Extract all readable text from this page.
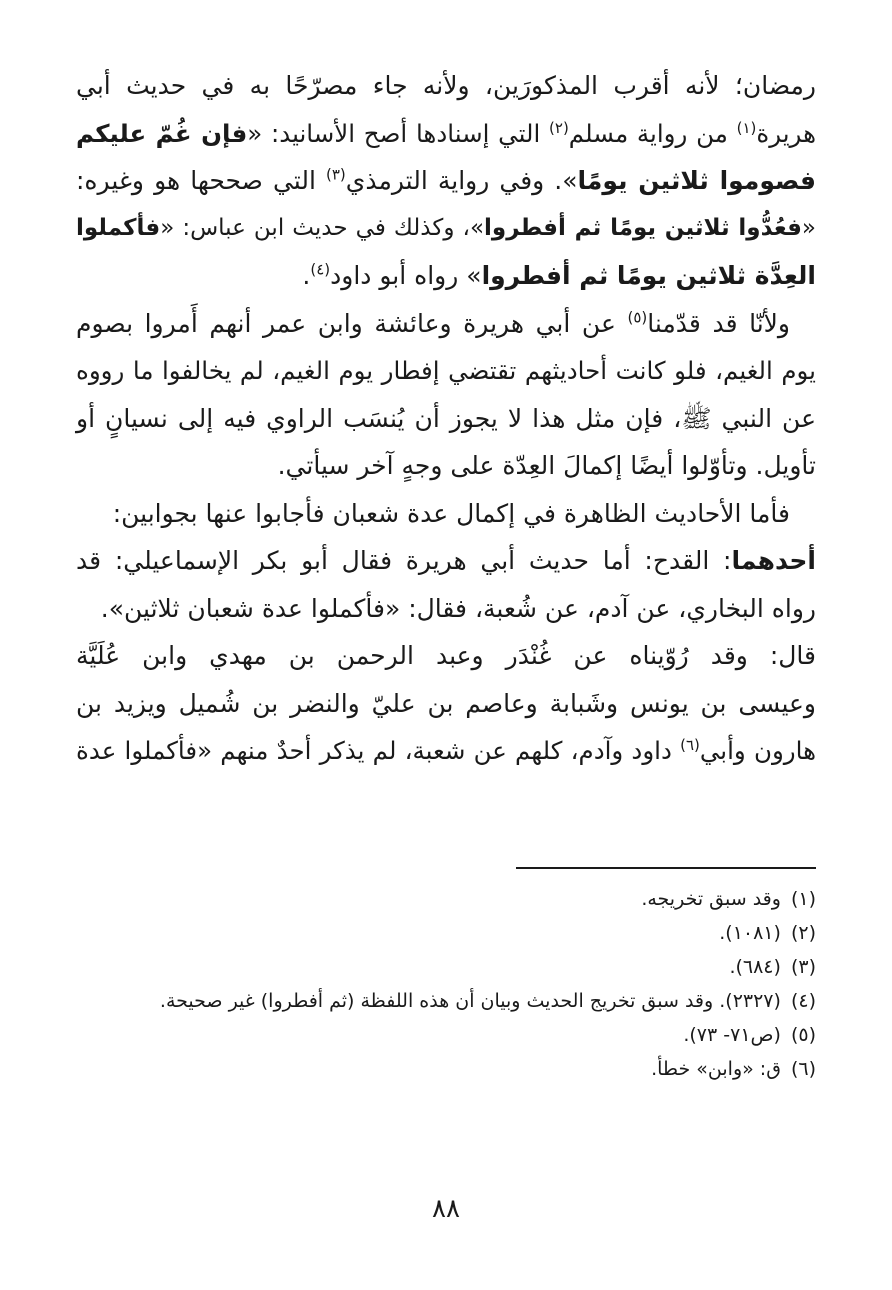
رمضان؛ لأنه أقرب المذكورَين، ولأنه جاء مصرّحًا به في حديث أبي
هريرة$^{(١)}$ من رواية مسلم$^{(٢)}$ التي إسنادها أصح الأسانيد: «فإن غُمّ عليكم
فصوموا ثلاثين يومًا». وفي رواية الترمذي$^{(٣)}$ التي صححها هو وغيره:
«فعُدُّوا ثلاثين يومًا ثم أفطروا»، وكذلك في حديث ابن عباس: «فأكملوا
العِدَّة ثلاثين يومًا ثم أفطروا» رواه أبو داود$^{(٤)}$.

ولأنّا قد قدّمنا$^{(٥)}$ عن أبي هريرة وعائشة وابن عمر أنهم أَمروا بصوم
يوم الغيم، فلو كانت أحاديثهم تقتضي إفطار يوم الغيم، لم يخالفوا ما رووه
عن النبي ﷺ، فإن مثل هذا لا يجوز أن يُنسَب الراوي فيه إلى نسيانٍ أو
تأويل. وتأوّلوا أيضًا إكمالَ العِدّة على وجهٍ آخر سيأتي.

فأما الأحاديث الظاهرة في إكمال عدة شعبان فأجابوا عنها بجوابين:

أحدهما: القدح: أما حديث أبي هريرة فقال أبو بكر الإسماعيلي: قد
رواه البخاري، عن آدم، عن شُعبة، فقال: «فأكملوا عدة شعبان ثلاثين».

قال: وقد رُوّيناه عن غُنْدَر وعبد الرحمن بن مهدي وابن عُلَيَّة
وعيسى بن يونس وشَبابة وعاصم بن عليّ والنضر بن شُميل ويزيد بن
هارون وأبي$^{(٦)}$ داود وآدم، كلهم عن شعبة، لم يذكر أحدٌ منهم «فأكملوا عدة

(١)
وقد سبق تخريجه.
(٢)
(١٠٨١).
(٣)
(٦٨٤).
(٤)
(٢٣٢٧). وقد سبق تخريج الحديث وبيان أن هذه اللفظة (ثم أفطروا) غير صحيحة.
(٥)
(ص٧١- ٧٣).
(٦)
ق: «وابن» خطأ.
٨٨
